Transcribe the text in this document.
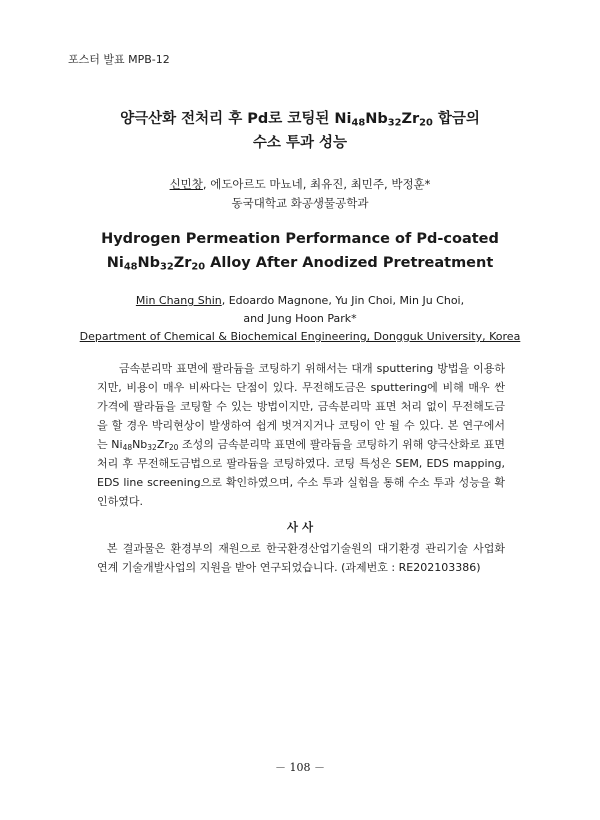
포스터 발표 MPB-12
양극산화 전처리 후 Pd로 코팅된 $Ni_{48}Nb_{32}Zr_{20}$ 합금의
수소 투과 성능
신민창, 에도아르도 마뇨네, 최유진, 최민주, 박정훈*
동국대학교 화공생물공학과
Hydrogen Permeation Performance of Pd-coated
$Ni_{48}Nb_{32}Zr_{20}$ Alloy After Anodized Pretreatment
Min Chang Shin, Edoardo Magnone, Yu Jin Choi, Min Ju Choi,
and Jung Hoon Park*
Department of Chemical & Biochemical Engineering, Dongguk University, Korea
금속분리막 표면에 팔라듐을 코팅하기 위해서는 대개 sputtering 방법을 이용하지만, 비용이 매우 비싸다는 단점이 있다. 무전해도금은 sputtering에 비해 매우 싼 가격에 팔라듐을 코팅할 수 있는 방법이지만, 금속분리막 표면 처리 없이 무전해도금을 할 경우 박리현상이 발생하여 쉽게 벗겨지거나 코팅이 안 될 수 있다. 본 연구에서는 $Ni_{48}Nb_{32}Zr_{20}$ 조성의 금속분리막 표면에 팔라듐을 코팅하기 위해 양극산화로 표면 처리 후 무전해도금법으로 팔라듐을 코팅하였다. 코팅 특성은 SEM, EDS mapping, EDS line screening으로 확인하였으며, 수소 투과 실험을 통해 수소 투과 성능을 확인하였다.
사 사
본 결과물은 환경부의 재원으로 한국환경산업기술원의 대기환경 관리기술 사업화 연계 기술개발사업의 지원을 받아 연구되었습니다. (과제번호 : RE202103386)
－ 108 －
